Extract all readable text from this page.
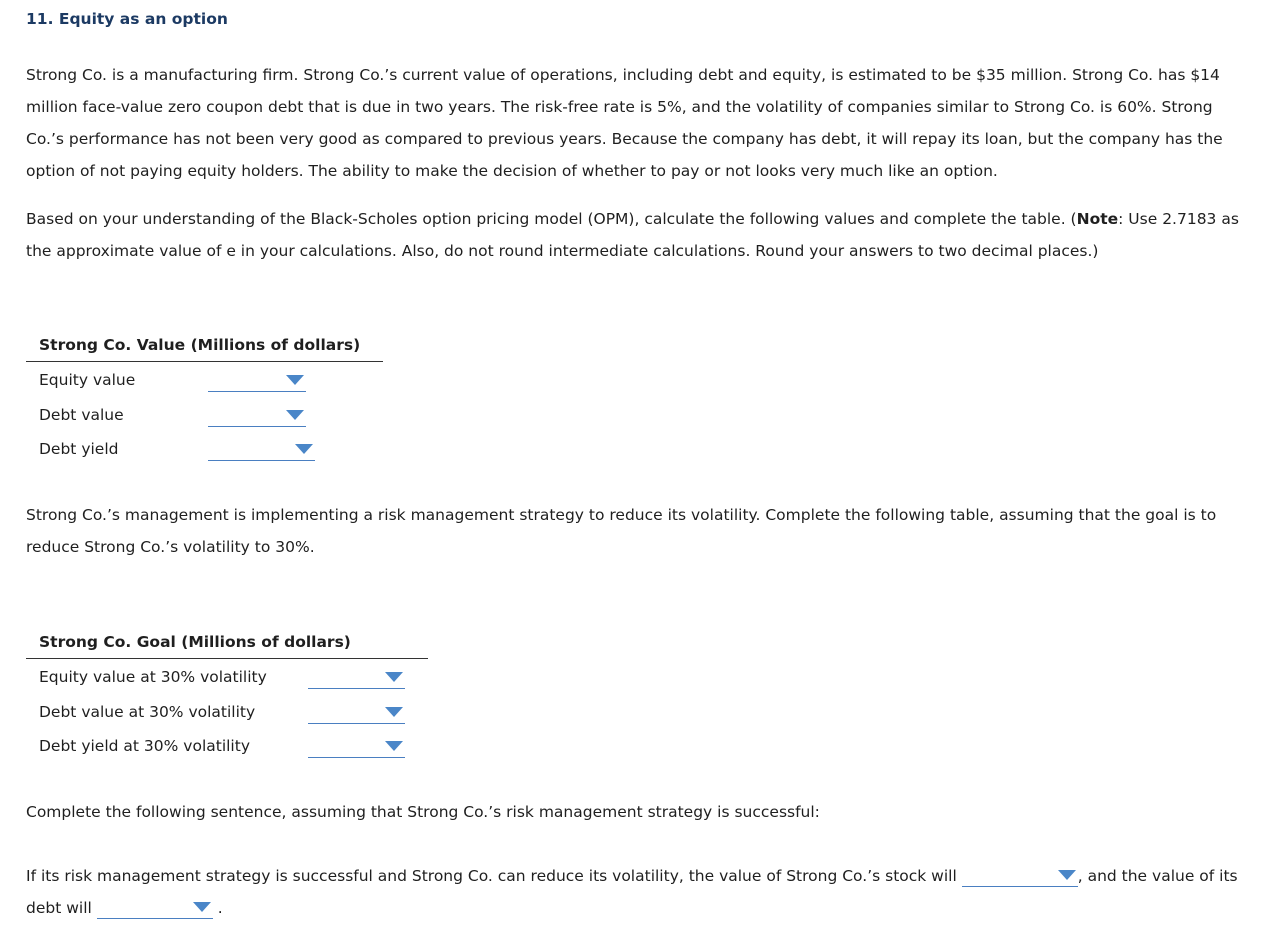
11. Equity as an option

Strong Co. is a manufacturing firm. Strong Co.’s current value of operations, including debt and equity, is estimated to be $35 million. Strong Co. has $14 million face-value zero coupon debt that is due in two years. The risk-free rate is 5%, and the volatility of companies similar to Strong Co. is 60%. Strong Co.’s performance has not been very good as compared to previous years. Because the company has debt, it will repay its loan, but the company has the option of not paying equity holders. The ability to make the decision of whether to pay or not looks very much like an option.

Based on your understanding of the Black-Scholes option pricing model (OPM), calculate the following values and complete the table. (Note: Use 2.7183 as the approximate value of e in your calculations. Also, do not round intermediate calculations. Round your answers to two decimal places.)

Strong Co. Value (Millions of dollars)
Equity value
Debt value
Debt yield

Strong Co.’s management is implementing a risk management strategy to reduce its volatility. Complete the following table, assuming that the goal is to reduce Strong Co.’s volatility to 30%.

Strong Co. Goal (Millions of dollars)
Equity value at 30% volatility
Debt value at 30% volatility
Debt yield at 30% volatility

Complete the following sentence, assuming that Strong Co.’s risk management strategy is successful:

If its risk management strategy is successful and Strong Co. can reduce its volatility, the value of Strong Co.’s stock will	, and the value of its debt will	.
